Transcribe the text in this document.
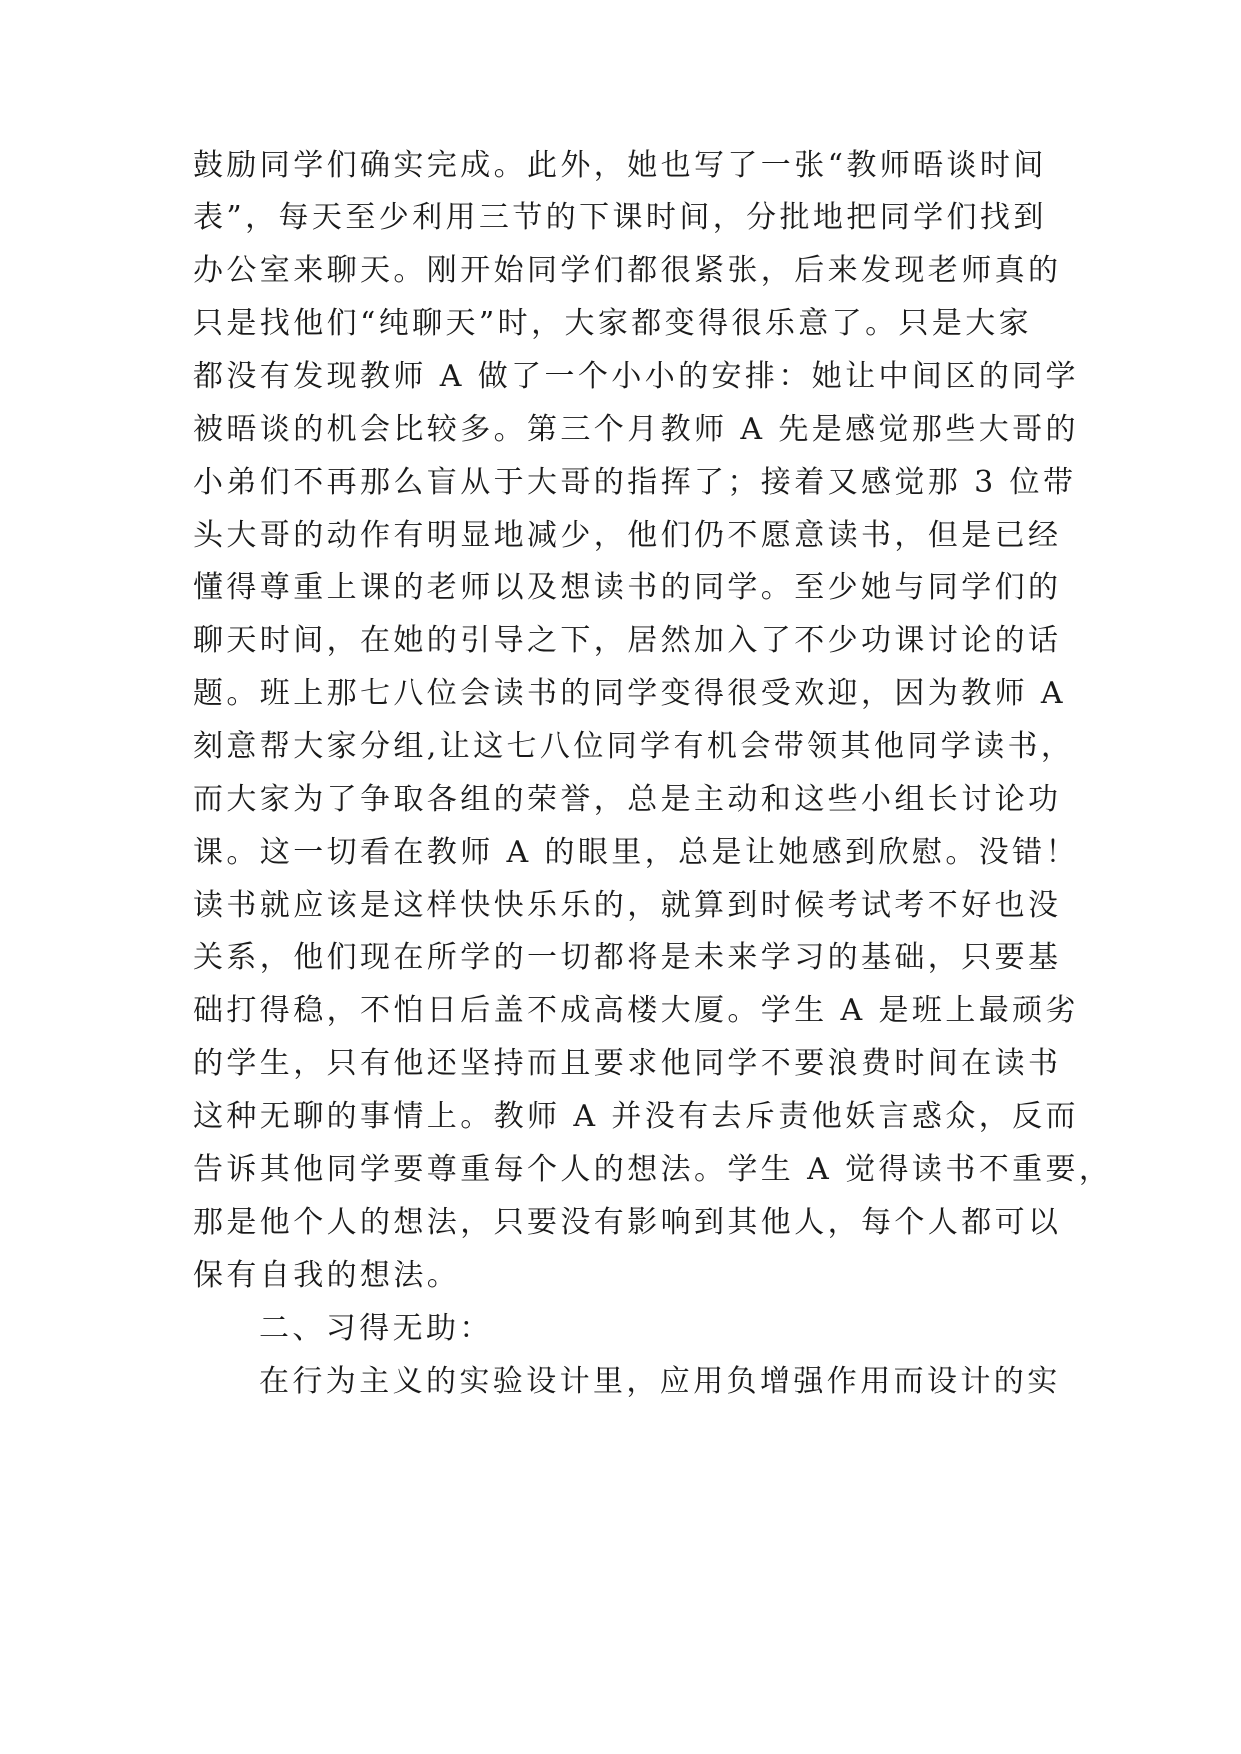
鼓励同学们确实完成。此外，她也写了一张“教师晤谈时间
表”，每天至少利用三节的下课时间，分批地把同学们找到
办公室来聊天。刚开始同学们都很紧张，后来发现老师真的
只是找他们“纯聊天”时，大家都变得很乐意了。只是大家
都没有发现教师 A 做了一个小小的安排：她让中间区的同学
被晤谈的机会比较多。第三个月教师 A 先是感觉那些大哥的
小弟们不再那么盲从于大哥的指挥了；接着又感觉那 3 位带
头大哥的动作有明显地减少，他们仍不愿意读书，但是已经
懂得尊重上课的老师以及想读书的同学。至少她与同学们的
聊天时间，在她的引导之下，居然加入了不少功课讨论的话
题。班上那七八位会读书的同学变得很受欢迎，因为教师 A
刻意帮大家分组,让这七八位同学有机会带领其他同学读书，
而大家为了争取各组的荣誉，总是主动和这些小组长讨论功
课。这一切看在教师 A 的眼里，总是让她感到欣慰。没错！
读书就应该是这样快快乐乐的，就算到时候考试考不好也没
关系，他们现在所学的一切都将是未来学习的基础，只要基
础打得稳，不怕日后盖不成高楼大厦。学生 A 是班上最顽劣
的学生，只有他还坚持而且要求他同学不要浪费时间在读书
这种无聊的事情上。教师 A 并没有去斥责他妖言惑众，反而
告诉其他同学要尊重每个人的想法。学生 A 觉得读书不重要，
那是他个人的想法，只要没有影响到其他人，每个人都可以
保有自我的想法。
二、习得无助：
在行为主义的实验设计里，应用负增强作用而设计的实
